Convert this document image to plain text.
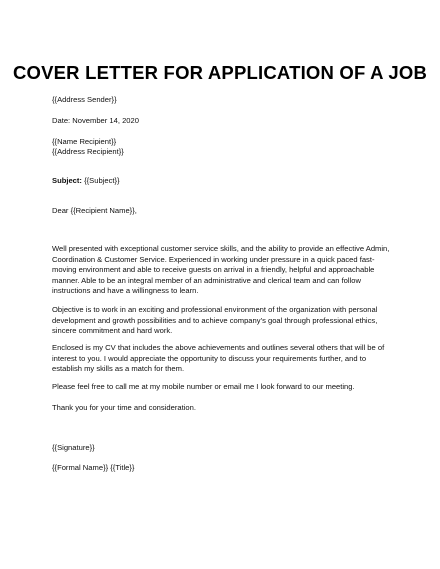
COVER LETTER FOR APPLICATION OF A JOB
{{Address Sender}}
Date: November 14, 2020
{{Name Recipient}}
{{Address Recipient}}
Subject: {{Subject}}
Dear {{Recipient Name}},
Well presented with exceptional customer service skills, and the ability to provide an effective Admin, Coordination & Customer Service. Experienced in working under pressure in a quick paced fast-moving environment and able to receive guests on arrival in a friendly, helpful and approachable manner. Able to be an integral member of an administrative and clerical team and can follow instructions and have a willingness to learn.
Objective is to work in an exciting and professional environment of the organization with personal development and growth possibilities and to achieve company’s goal through professional ethics, sincere commitment and hard work.
Enclosed is my CV that includes the above achievements and outlines several others that will be of interest to you. I would appreciate the opportunity to discuss your requirements further, and to establish my skills as a match for them.
Please feel free to call me at my mobile number or email me I look forward to our meeting.
Thank you for your time and consideration.
{{Signature}}
{{Formal Name}} {{Title}}
